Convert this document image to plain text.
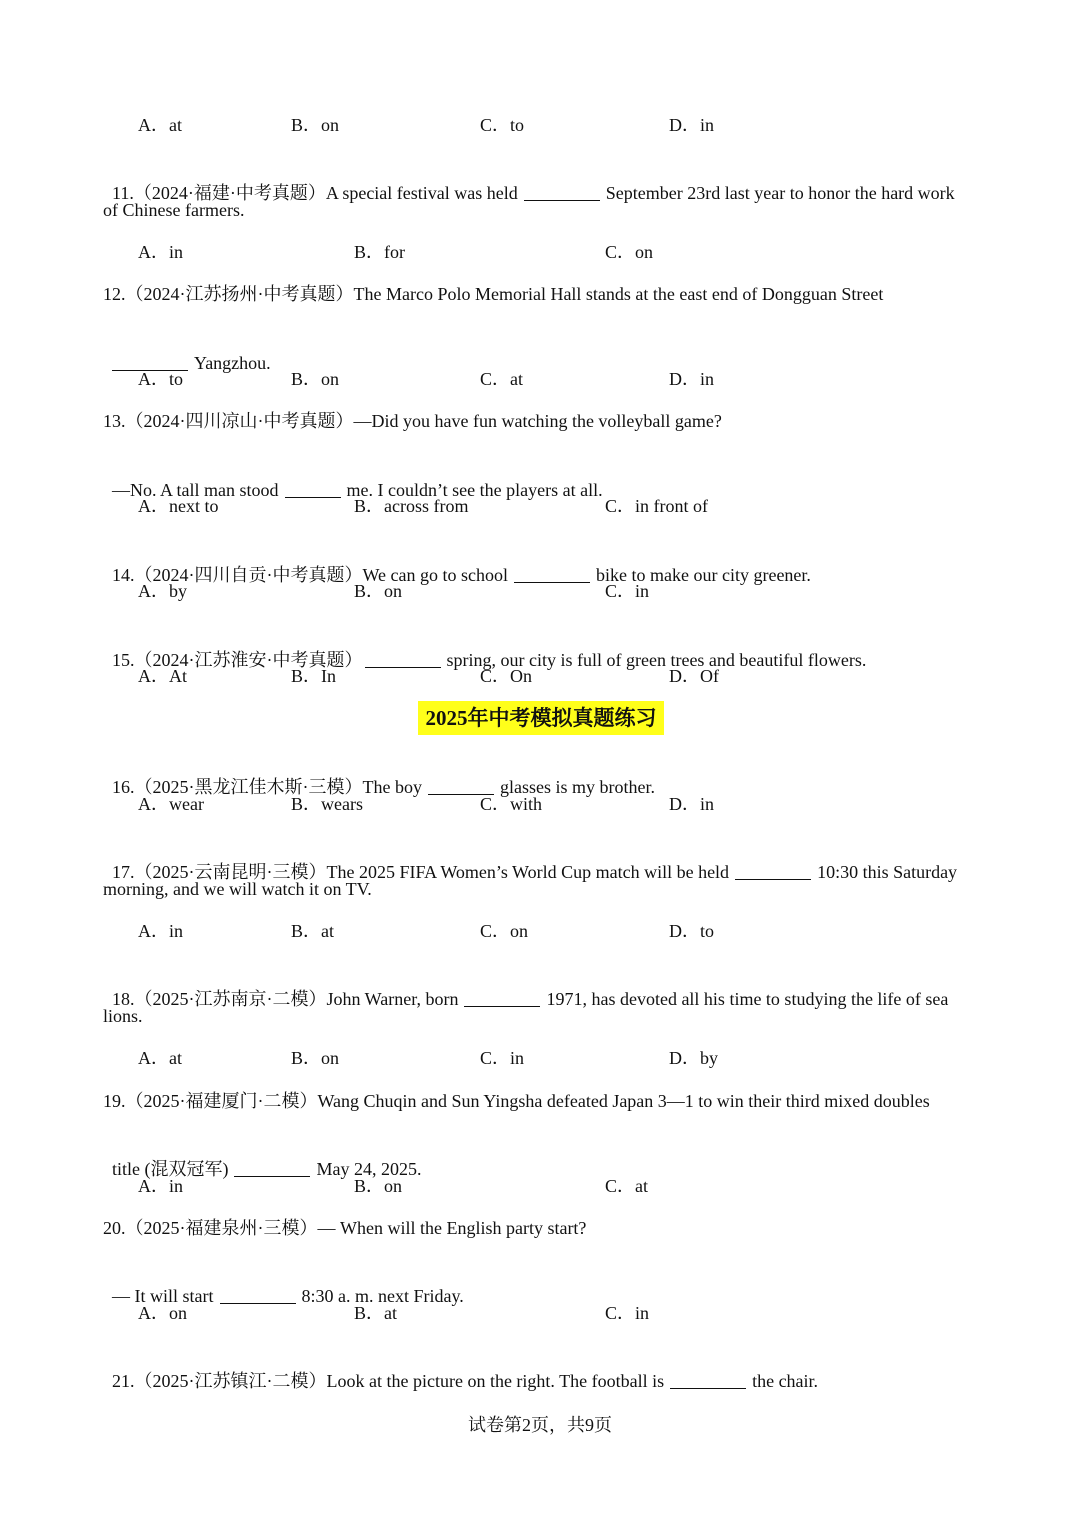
A．at	B．on	C．to	D．in

11.（2024·福建·中考真题）A special festival was held	September 23rd last year to honor the hard work

of Chinese farmers.
A．in	B．for	C．on
12.（2024·江苏扬州·中考真题）The Marco Polo Memorial Hall stands at the east end of Dongguan Street

Yangzhou.

A．to	B．on	C．at	D．in
13.（2024·四川凉山·中考真题）—Did you have fun watching the volleyball game?

—No. A tall man stood	me. I couldn’t see the players at all.

A．next to	B．across from	C．in front of

14.（2024·四川自贡·中考真题）We can go to school	bike to make our city greener.

A．by	B．on	C．in

15.（2024·江苏淮安·中考真题）	spring, our city is full of green trees and beautiful flowers.

A．At	B．In	C．On	D．Of
2025年中考模拟真题练习

16.（2025·黑龙江佳木斯·三模）The boy	glasses is my brother.

A．wear	B．wears	C．with	D．in

17.（2025·云南昆明·三模）The 2025 FIFA Women’s World Cup match will be held	10:30 this Saturday

morning, and we will watch it on TV.
A．in	B．at	C．on	D．to

18.（2025·江苏南京·二模）John Warner, born	1971, has devoted all his time to studying the life of sea

lions.
A．at	B．on	C．in	D．by
19.（2025·福建厦门·二模）Wang Chuqin and Sun Yingsha defeated Japan 3—1 to win their third mixed doubles

title (混双冠军)	May 24, 2025.

A．in	B．on	C．at
20.（2025·福建泉州·三模）— When will the English party start?

— It will start	8:30 a. m. next Friday.

A．on	B．at	C．in

21.（2025·江苏镇江·二模）Look at the picture on the right. The football is	the chair.

试卷第2页，共9页
